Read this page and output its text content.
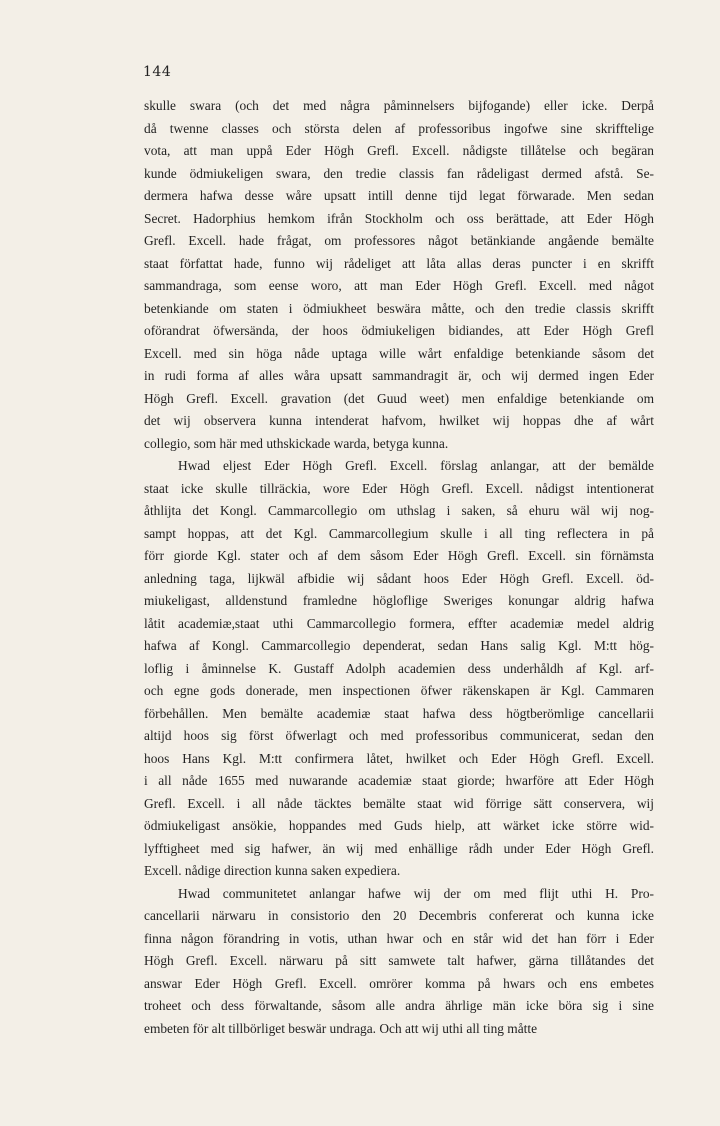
144

skulle swara (och det med några påminnelsers bijfogande) eller icke. Derpå
då twenne classes och största delen af professoribus ingofwe sine skrifftelige
vota, att man uppå Eder Högh Grefl. Excell. nådigste tillåtelse och begäran
kunde ödmiukeligen swara, den tredie classis fan rådeligast dermed afstå. Se-
dermera hafwa desse wåre upsatt intill denne tijd legat förwarade. Men sedan
Secret. Hadorphius hemkom ifrån Stockholm och oss berättade, att Eder Högh
Grefl. Excell. hade frågat, om professores något betänkiande angående bemälte
staat författat hade, funno wij rådeliget att låta allas deras puncter i en skrifft
sammandraga, som eense woro, att man Eder Högh Grefl. Excell. med något
betenkiande om staten i ödmiukheet beswära måtte, och den tredie classis skrifft
oförandrat öfwersända, der hoos ödmiukeligen bidiandes, att Eder Högh Grefl
Excell. med sin höga nåde uptaga wille wårt enfaldige betenkiande såsom det
in rudi forma af alles wåra upsatt sammandragit är, och wij dermed ingen Eder
Högh Grefl. Excell. gravation (det Guud weet) men enfaldige betenkiande om
det wij observera kunna intenderat hafvom, hwilket wij hoppas dhe af wårt
collegio, som här med uthskickade warda, betyga kunna.

Hwad eljest Eder Högh Grefl. Excell. förslag anlangar, att der bemälde
staat icke skulle tillräckia, wore Eder Högh Grefl. Excell. nådigst intentionerat
åthlijta det Kongl. Cammarcollegio om uthslag i saken, så ehuru wäl wij nog-
sampt hoppas, att det Kgl. Cammarcollegium skulle i all ting reflectera in på
förr giorde Kgl. stater och af dem såsom Eder Högh Grefl. Excell. sin förnämsta
anledning taga, lijkwäl afbidie wij sådant hoos Eder Högh Grefl. Excell. öd-
miukeligast, alldenstund framledne högloflige Sweriges konungar aldrig hafwa
låtit academiæ,staat uthi Cammarcollegio formera, effter academiæ medel aldrig
hafwa af Kongl. Cammarcollegio dependerat, sedan Hans salig Kgl. M:tt hög-
loflig i åminnelse K. Gustaff Adolph academien dess underhåldh af Kgl. arf-
och egne gods donerade, men inspectionen öfwer räkenskapen är Kgl. Cammaren
förbehållen. Men bemälte academiæ staat hafwa dess högtberömlige cancellarii
altijd hoos sig först öfwerlagt och med professoribus communicerat, sedan den
hoos Hans Kgl. M:tt confirmera låtet, hwilket och Eder Högh Grefl. Excell.
i all nåde 1655 med nuwarande academiæ staat giorde; hwarföre att Eder Högh
Grefl. Excell. i all nåde täcktes bemälte staat wid förrige sätt conservera, wij
ödmiukeligast ansökie, hoppandes med Guds hielp, att wärket icke större wid-
lyfftigheet med sig hafwer, än wij med enhällige rådh under Eder Högh Grefl.
Excell. nådige direction kunna saken expediera.

Hwad communitetet anlangar hafwe wij der om med flijt uthi H. Pro-
cancellarii närwaru in consistorio den 20 Decembris confererat och kunna icke
finna någon förandring in votis, uthan hwar och en står wid det han förr i Eder
Högh Grefl. Excell. närwaru på sitt samwete talt hafwer, gärna tillåtandes det
answar Eder Högh Grefl. Excell. omrörer komma på hwars och ens embetes
troheet och dess förwaltande, såsom alle andra ährlige män icke böra sig i sine
embeten för alt tillbörliget beswär undraga. Och att wij uthi all ting måtte
